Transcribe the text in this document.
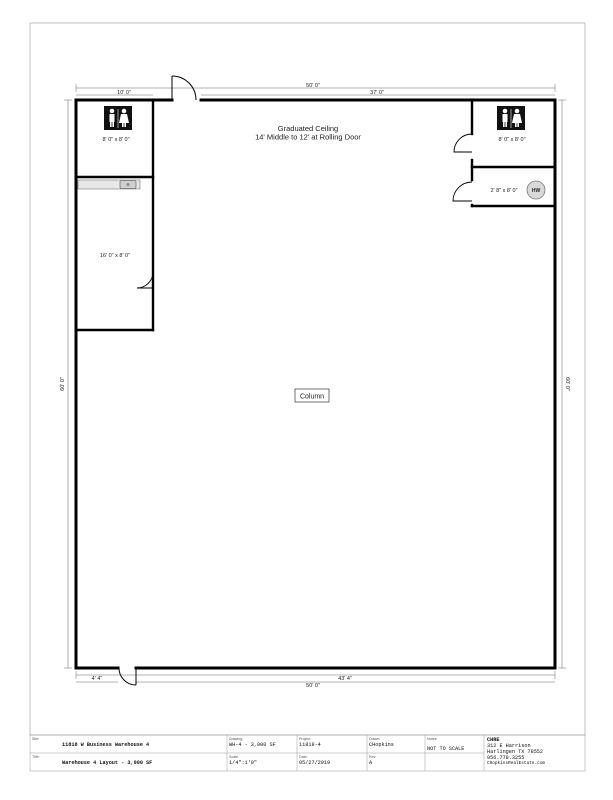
50' 0"
10' 0"	37' 0"
50' 0"
4' 4"	43' 4"
60' 0"	60' 0"
HW
8' 0" x 8' 0"	8' 0" x 8' 0"
16' 0" x 8' 0"
2' 8" x 8' 0"
Graduated Ceiling
14' Middle to 12' at Rolling Door
Column
Site:
11818 W Business Warehouse 4
Title:
Warehouse 4 Layout - 3,000 SF
Drawing:
WH-4 - 3,000 SF
Scale:
1/4":1'0"
Project:
11818-4
Date:
05/27/2019
Drawn:
CHopkins
Rev:
A
Notes:
NOT TO SCALE
CHRE
312 E Harrison
Harlingen TX 78552
956.778.3255
CHopkinsRealEstate.com
